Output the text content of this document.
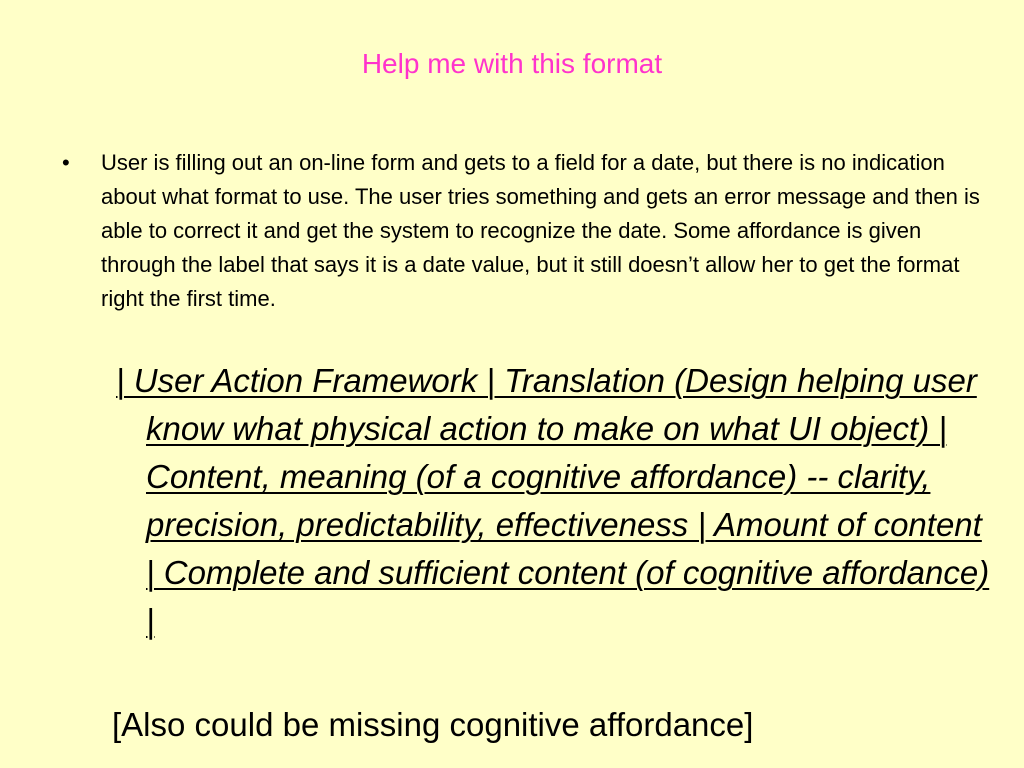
Help me with this format
• User is filling out an on-line form and gets to a field for a date, but there is no indication about what format to use. The user tries something and gets an error message and then is able to correct it and get the system to recognize the date. Some affordance is given through the label that says it is a date value, but it still doesn’t allow her to get the format right the first time.
| User Action Framework | Translation (Design helping user know what physical action to make on what UI object) | Content, meaning (of a cognitive affordance) -- clarity, precision, predictability, effectiveness | Amount of content | Complete and sufficient content (of cognitive affordance) |

[Also could be missing cognitive affordance]
